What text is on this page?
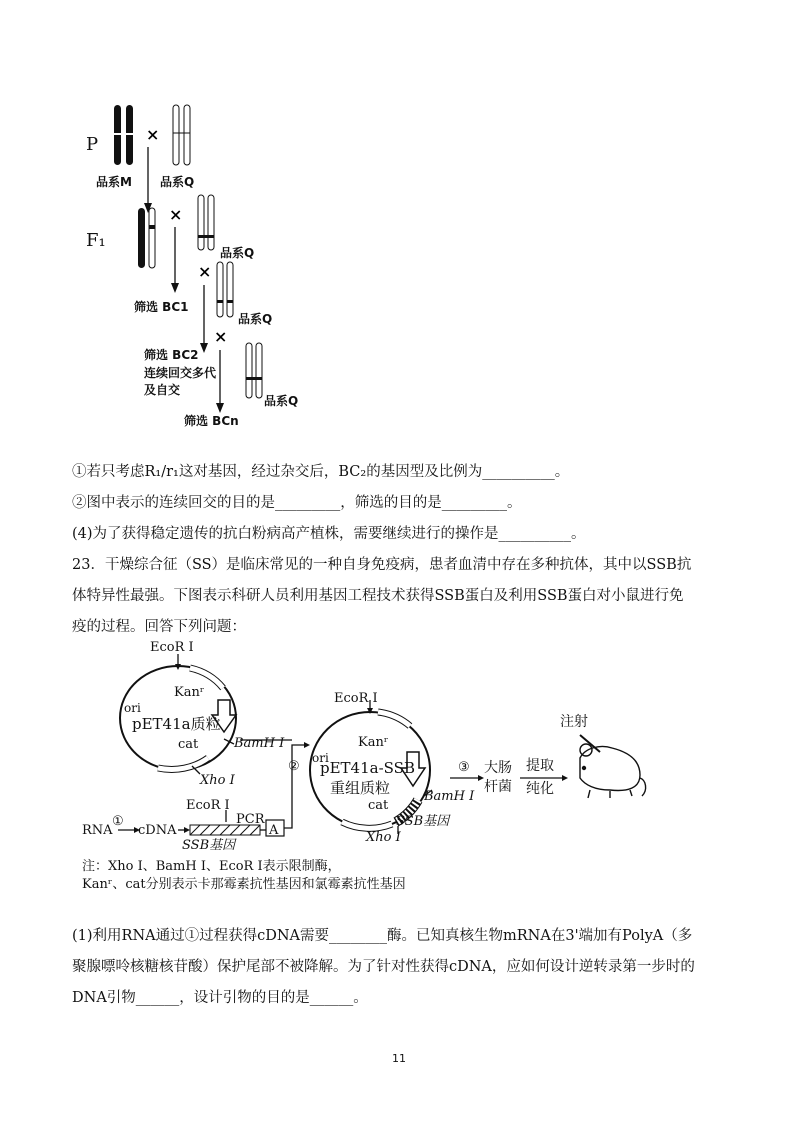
×
×
×
×
P
品系M 品系Q
F₁
品系Q
筛选 BC1
品系Q
筛选 BC2
连续回交多代
及自交
品系Q
筛选 BCn
①若只考虑R₁/r₁这对基因，经过杂交后，BC₂的基因型及比例为__________。
②图中表示的连续回交的目的是_________，筛选的目的是_________。
(4)为了获得稳定遗传的抗白粉病高产植株，需要继续进行的操作是__________。
23．干燥综合征（SS）是临床常见的一种自身免疫病，患者血清中存在多种抗体，其中以SSB抗
体特异性最强。下图表示科研人员利用基因工程技术获得SSB蛋白及利用SSB蛋白对小鼠进行免
疫的过程。回答下列问题：
EcoR Ⅰ
Kanʳ
ori
pET41a质粒
cat	BamH Ⅰ
Xho Ⅰ
EcoR Ⅰ
RNA
①
cDNA
PCR
A
SSB基因
②
EcoR Ⅰ
Kanʳ
ori
pET41a-SSB
重组质粒
cat
BamH Ⅰ
SSB基因
Xho Ⅰ
③ 大肠
杆菌
提取
纯化
注射
注：Xho Ⅰ、BamH Ⅰ、EcoR Ⅰ表示限制酶，
Kanʳ、cat分别表示卡那霉素抗性基因和氯霉素抗性基因
(1)利用RNA通过①过程获得cDNA需要________酶。已知真核生物mRNA在3'端加有PolyA（多
聚腺嘌呤核糖核苷酸）保护尾部不被降解。为了针对性获得cDNA，应如何设计逆转录第一步时的
DNA引物______，设计引物的目的是______。
11
